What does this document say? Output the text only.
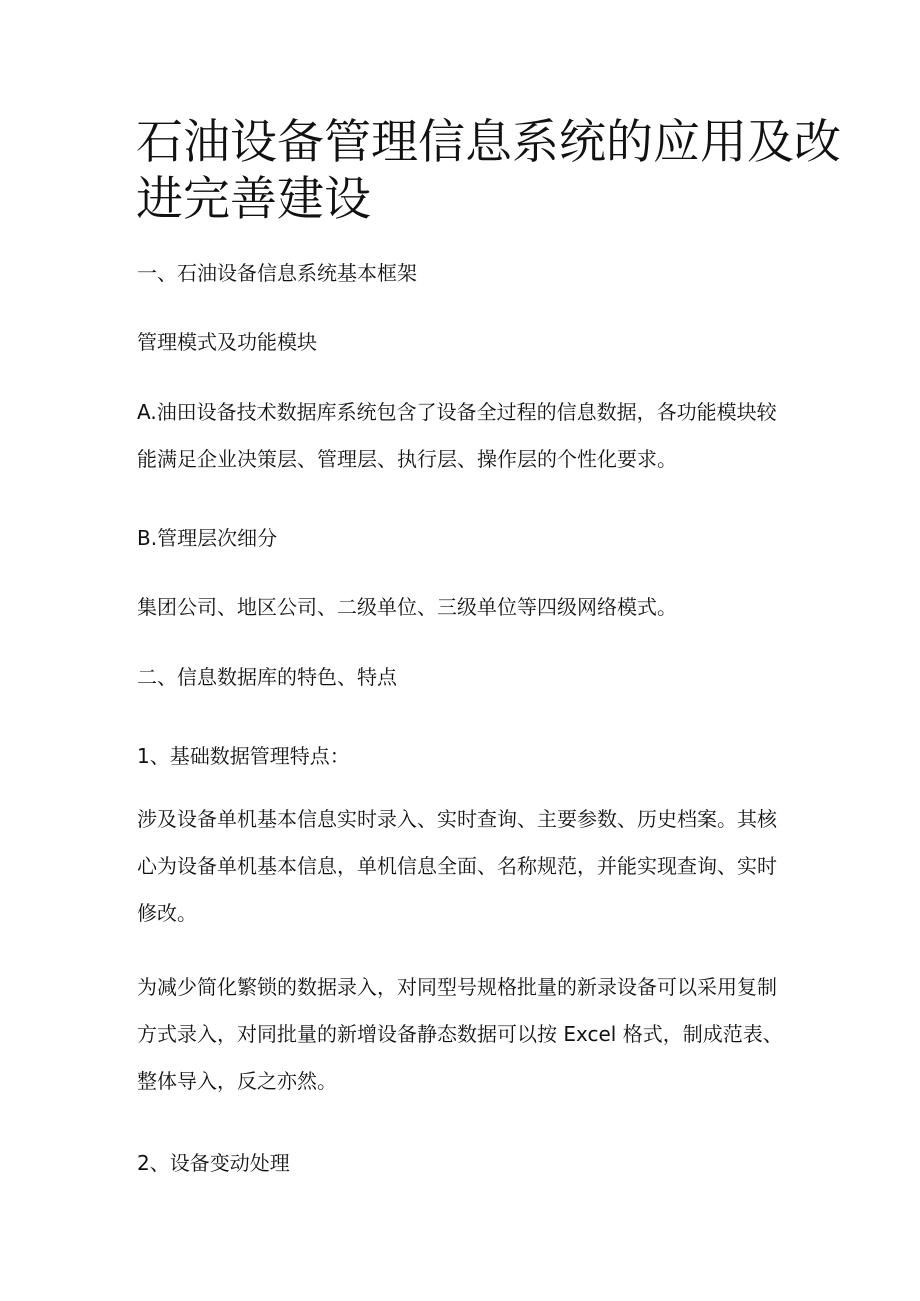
石油设备管理信息系统的应用及改
进完善建设

一、石油设备信息系统基本框架

管理模式及功能模块

A.油田设备技术数据库系统包含了设备全过程的信息数据，各功能模块较
能满足企业决策层、管理层、执行层、操作层的个性化要求。

B.管理层次细分

集团公司、地区公司、二级单位、三级单位等四级网络模式。

二、信息数据库的特色、特点

1、基础数据管理特点：

涉及设备单机基本信息实时录入、实时查询、主要参数、历史档案。其核
心为设备单机基本信息，单机信息全面、名称规范，并能实现查询、实时
修改。

为减少简化繁锁的数据录入，对同型号规格批量的新录设备可以采用复制
方式录入，对同批量的新增设备静态数据可以按 Excel 格式，制成范表、
整体导入，反之亦然。

2、设备变动处理
